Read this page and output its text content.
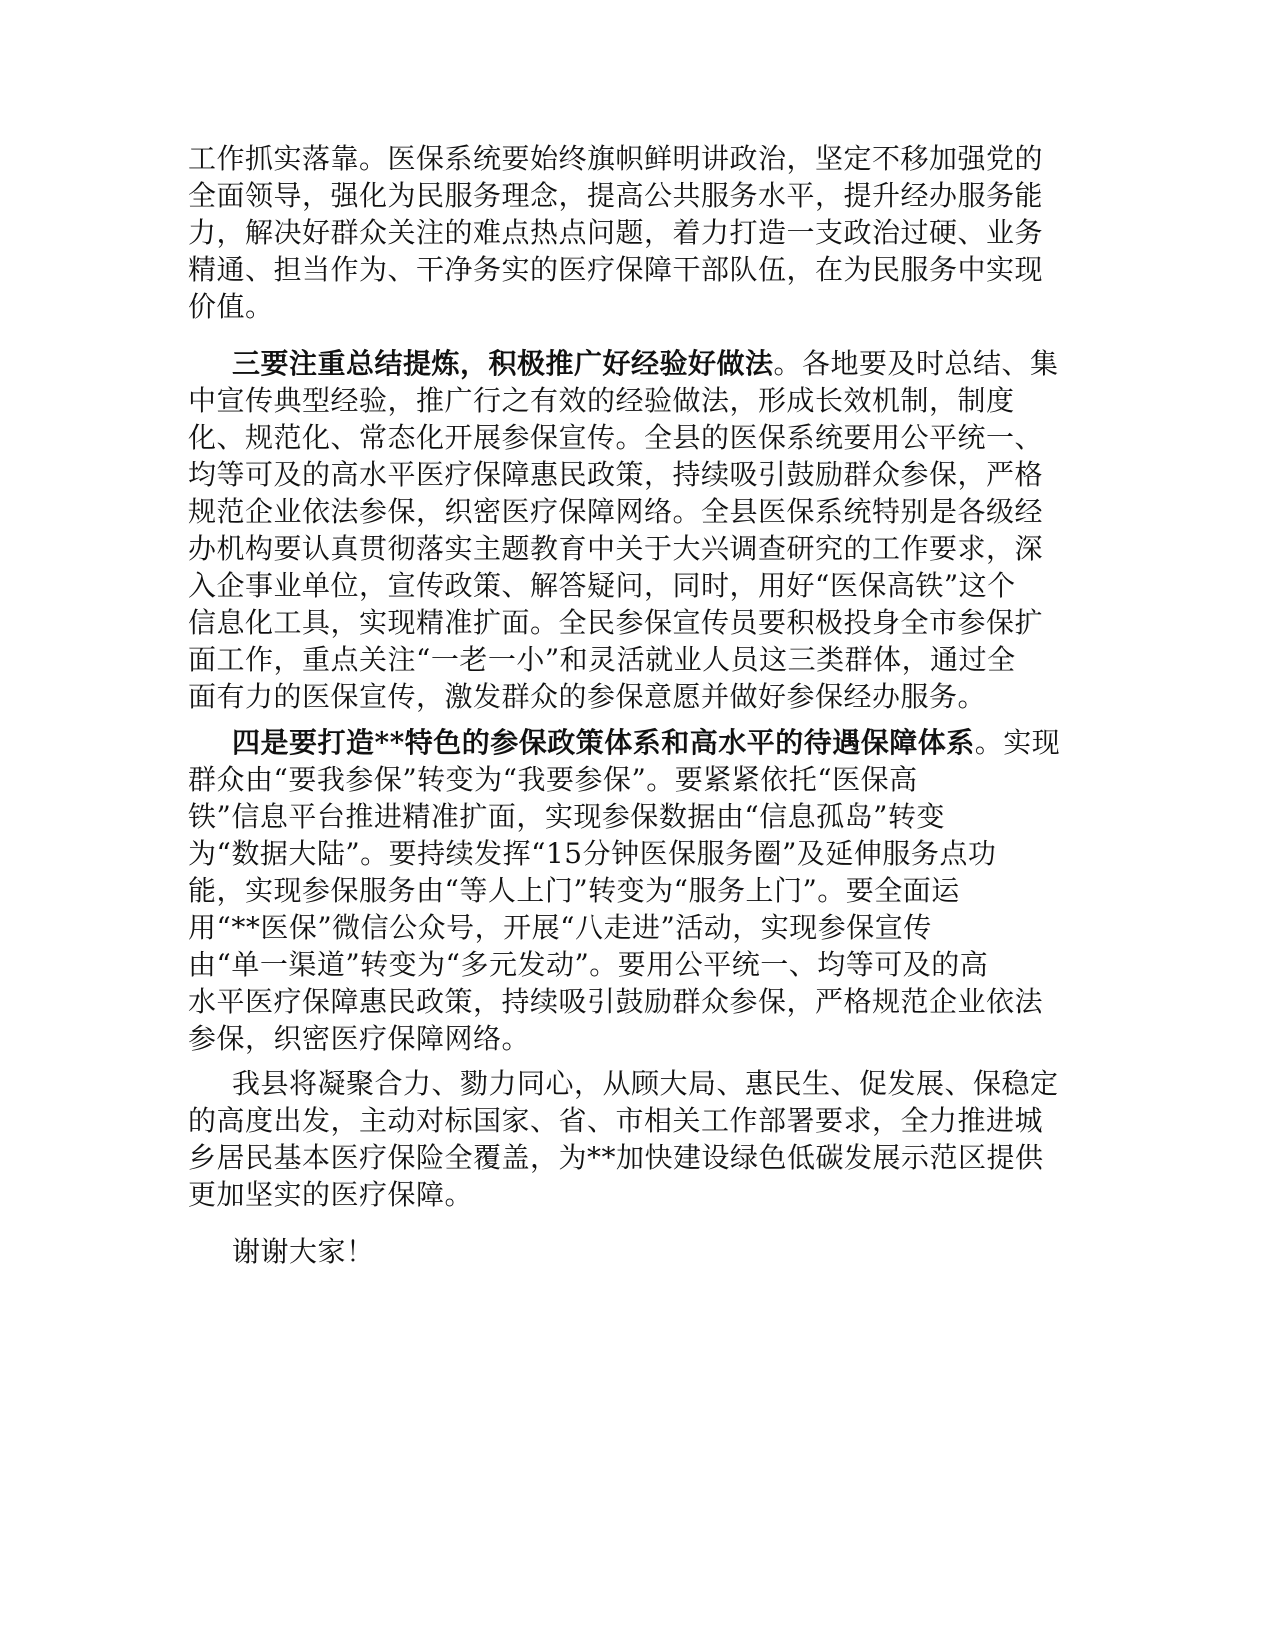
工作抓实落靠。医保系统要始终旗帜鲜明讲政治，坚定不移加强党的
全面领导，强化为民服务理念，提高公共服务水平，提升经办服务能
力，解决好群众关注的难点热点问题，着力打造一支政治过硬、业务
精通、担当作为、干净务实的医疗保障干部队伍，在为民服务中实现
价值。
三要注重总结提炼，积极推广好经验好做法。各地要及时总结、集
中宣传典型经验，推广行之有效的经验做法，形成长效机制，制度
化、规范化、常态化开展参保宣传。全县的医保系统要用公平统一、
均等可及的高水平医疗保障惠民政策，持续吸引鼓励群众参保，严格
规范企业依法参保，织密医疗保障网络。全县医保系统特别是各级经
办机构要认真贯彻落实主题教育中关于大兴调查研究的工作要求，深
入企事业单位，宣传政策、解答疑问，同时，用好“医保高铁”这个
信息化工具，实现精准扩面。全民参保宣传员要积极投身全市参保扩
面工作，重点关注“一老一小”和灵活就业人员这三类群体，通过全
面有力的医保宣传，激发群众的参保意愿并做好参保经办服务。
四是要打造**特色的参保政策体系和高水平的待遇保障体系。实现
群众由“要我参保”转变为“我要参保”。要紧紧依托“医保高
铁”信息平台推进精准扩面，实现参保数据由“信息孤岛”转变
为“数据大陆”。要持续发挥“15分钟医保服务圈”及延伸服务点功
能，实现参保服务由“等人上门”转变为“服务上门”。要全面运
用“**医保”微信公众号，开展“八走进”活动，实现参保宣传
由“单一渠道”转变为“多元发动”。要用公平统一、均等可及的高
水平医疗保障惠民政策，持续吸引鼓励群众参保，严格规范企业依法
参保，织密医疗保障网络。
我县将凝聚合力、勠力同心，从顾大局、惠民生、促发展、保稳定
的高度出发，主动对标国家、省、市相关工作部署要求，全力推进城
乡居民基本医疗保险全覆盖，为**加快建设绿色低碳发展示范区提供
更加坚实的医疗保障。
谢谢大家！
